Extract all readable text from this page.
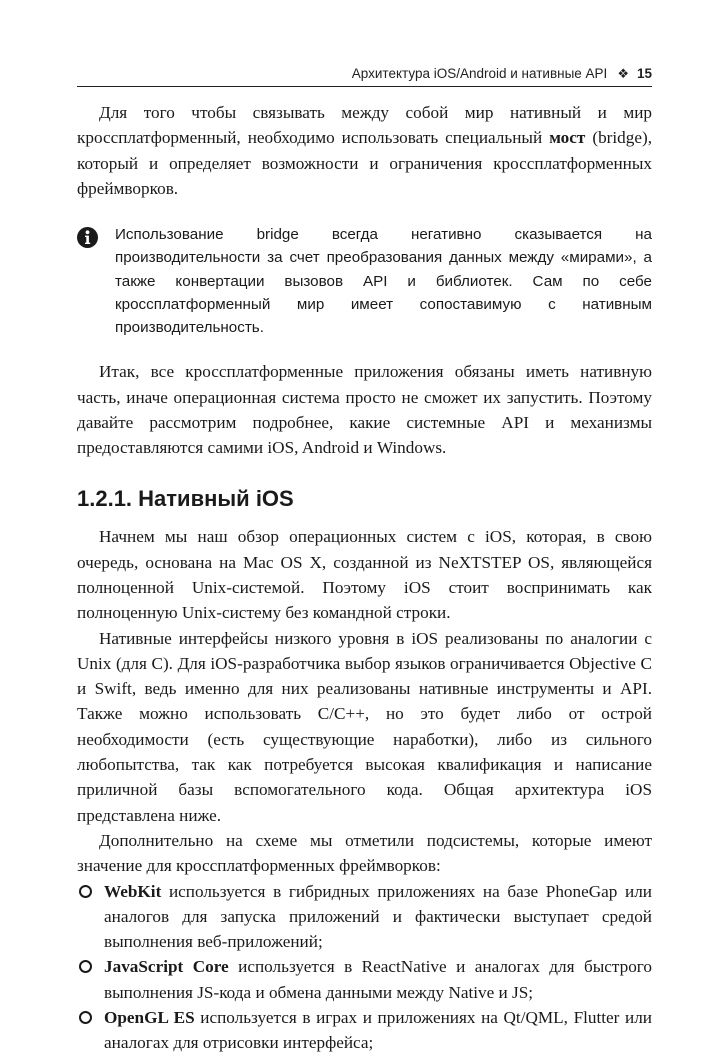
Архитектура iOS/Android и нативные API ❖ 15

Для того чтобы связывать между собой мир нативный и мир кроссплатформенный, необходимо использовать специальный мост (bridge), который и определяет возможности и ограничения кроссплатформенных фреймворков.

Использование bridge всегда негативно сказывается на производительности за счет преобразования данных между «мирами», а также конвертации вызовов API и библиотек. Сам по себе кроссплатформенный мир имеет сопоставимую с нативным производительность.

Итак, все кроссплатформенные приложения обязаны иметь нативную часть, иначе операционная система просто не сможет их запустить. Поэтому давайте рассмотрим подробнее, какие системные API и механизмы предоставляются самими iOS, Android и Windows.

1.2.1. Нативный iOS

Начнем мы наш обзор операционных систем с iOS, которая, в свою очередь, основана на Mac OS X, созданной из NeXTSTEP OS, являющейся полноценной Unix-системой. Поэтому iOS стоит воспринимать как полноценную Unix-систему без командной строки.

Нативные интерфейсы низкого уровня в iOS реализованы по аналогии с Unix (для C). Для iOS-разработчика выбор языков ограничивается Objective C и Swift, ведь именно для них реализованы нативные инструменты и API. Также можно использовать C/C++, но это будет либо от острой необходимости (есть существующие наработки), либо из сильного любопытства, так как потребуется высокая квалификация и написание приличной базы вспомогательного кода. Общая архитектура iOS представлена ниже.

Дополнительно на схеме мы отметили подсистемы, которые имеют значение для кроссплатформенных фреймворков:

WebKit используется в гибридных приложениях на базе PhoneGap или аналогов для запуска приложений и фактически выступает средой выполнения веб-приложений;
JavaScript Core используется в ReactNative и аналогах для быстрого выполнения JS-кода и обмена данными между Native и JS;
OpenGL ES используется в играх и приложениях на Qt/QML, Flutter или аналогах для отрисовки интерфейса;
